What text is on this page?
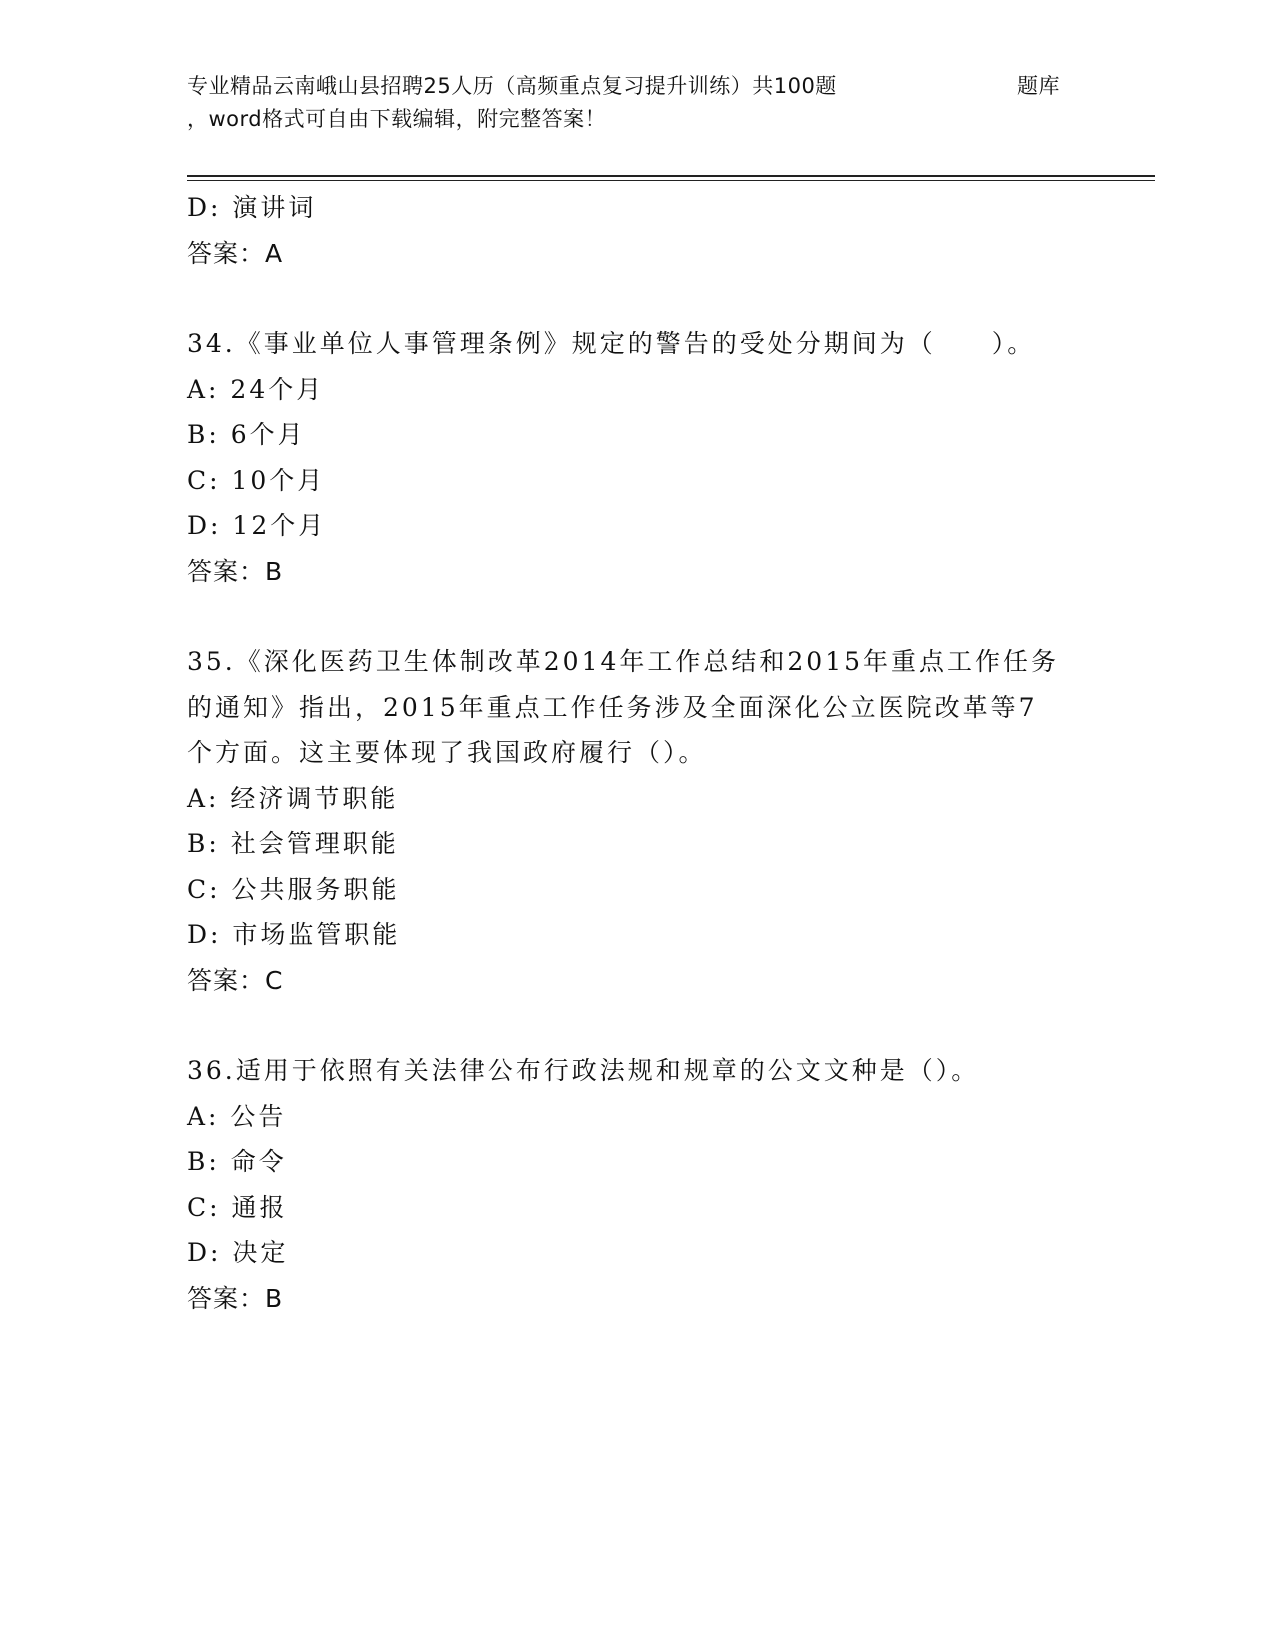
专业精品云南峨山县招聘25人历（高频重点复习提升训练）共100题	题库
，word格式可自由下载编辑，附完整答案！
D: 演讲词
答案：A
34.《事业单位人事管理条例》规定的警告的受处分期间为（　　）。
A: 24个月
B: 6个月
C: 10个月
D: 12个月
答案：B
35.《深化医药卫生体制改革2014年工作总结和2015年重点工作任务
的通知》指出，2015年重点工作任务涉及全面深化公立医院改革等7
个方面。这主要体现了我国政府履行（）。
A: 经济调节职能
B: 社会管理职能
C: 公共服务职能
D: 市场监管职能
答案：C
36.适用于依照有关法律公布行政法规和规章的公文文种是（）。
A: 公告
B: 命令
C: 通报
D: 决定
答案：B
